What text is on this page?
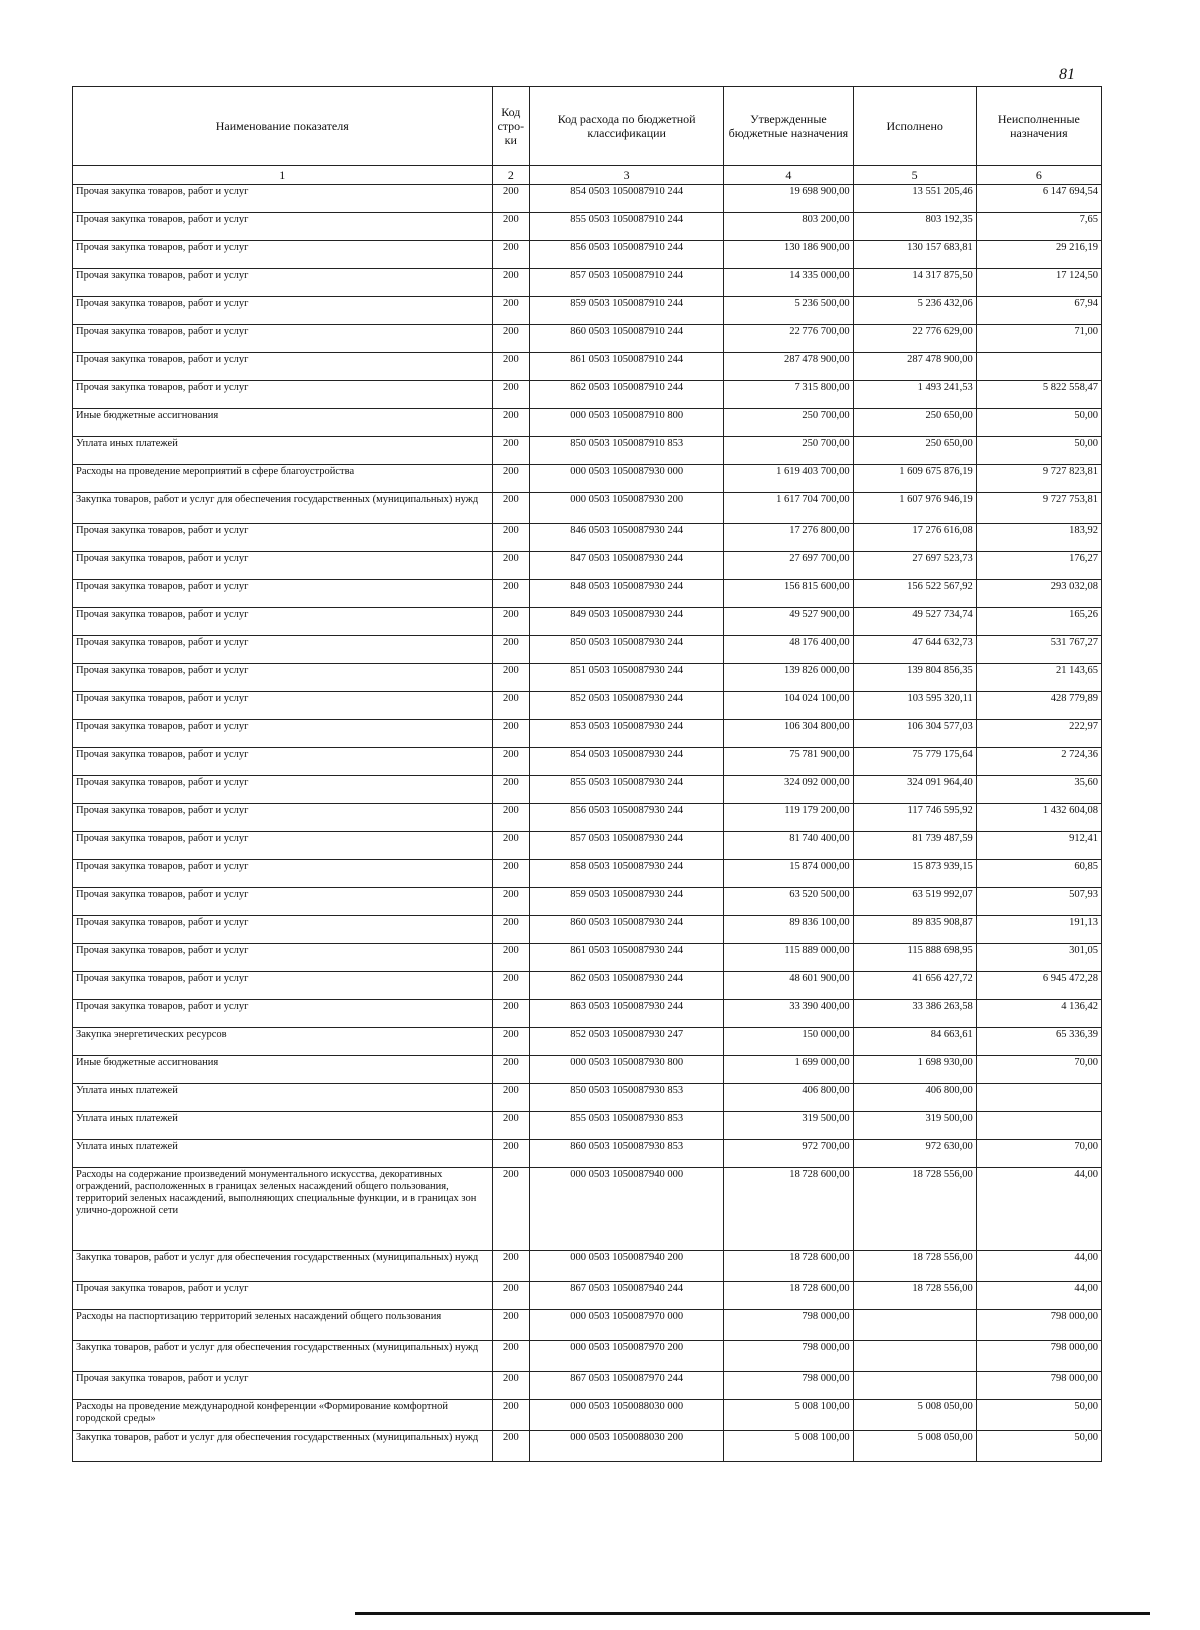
81
Наименование показателя	Код стро-ки	Код расхода по бюджетной классификации	Утвержденные бюджетные назначения	Исполнено	Неисполненные назначения
1	2	3	4	5	6
Прочая закупка товаров, работ и услуг	200	854 0503 1050087910 244	19 698 900,00	13 551 205,46	6 147 694,54
Прочая закупка товаров, работ и услуг	200	855 0503 1050087910 244	803 200,00	803 192,35	7,65
Прочая закупка товаров, работ и услуг	200	856 0503 1050087910 244	130 186 900,00	130 157 683,81	29 216,19
Прочая закупка товаров, работ и услуг	200	857 0503 1050087910 244	14 335 000,00	14 317 875,50	17 124,50
Прочая закупка товаров, работ и услуг	200	859 0503 1050087910 244	5 236 500,00	5 236 432,06	67,94
Прочая закупка товаров, работ и услуг	200	860 0503 1050087910 244	22 776 700,00	22 776 629,00	71,00
Прочая закупка товаров, работ и услуг	200	861 0503 1050087910 244	287 478 900,00	287 478 900,00	
Прочая закупка товаров, работ и услуг	200	862 0503 1050087910 244	7 315 800,00	1 493 241,53	5 822 558,47
Иные бюджетные ассигнования	200	000 0503 1050087910 800	250 700,00	250 650,00	50,00
Уплата иных платежей	200	850 0503 1050087910 853	250 700,00	250 650,00	50,00
Расходы на проведение мероприятий в сфере благоустройства	200	000 0503 1050087930 000	1 619 403 700,00	1 609 675 876,19	9 727 823,81
Закупка товаров, работ и услуг для обеспечения государственных (муниципальных) нужд	200	000 0503 1050087930 200	1 617 704 700,00	1 607 976 946,19	9 727 753,81
Прочая закупка товаров, работ и услуг	200	846 0503 1050087930 244	17 276 800,00	17 276 616,08	183,92
Прочая закупка товаров, работ и услуг	200	847 0503 1050087930 244	27 697 700,00	27 697 523,73	176,27
Прочая закупка товаров, работ и услуг	200	848 0503 1050087930 244	156 815 600,00	156 522 567,92	293 032,08
Прочая закупка товаров, работ и услуг	200	849 0503 1050087930 244	49 527 900,00	49 527 734,74	165,26
Прочая закупка товаров, работ и услуг	200	850 0503 1050087930 244	48 176 400,00	47 644 632,73	531 767,27
Прочая закупка товаров, работ и услуг	200	851 0503 1050087930 244	139 826 000,00	139 804 856,35	21 143,65
Прочая закупка товаров, работ и услуг	200	852 0503 1050087930 244	104 024 100,00	103 595 320,11	428 779,89
Прочая закупка товаров, работ и услуг	200	853 0503 1050087930 244	106 304 800,00	106 304 577,03	222,97
Прочая закупка товаров, работ и услуг	200	854 0503 1050087930 244	75 781 900,00	75 779 175,64	2 724,36
Прочая закупка товаров, работ и услуг	200	855 0503 1050087930 244	324 092 000,00	324 091 964,40	35,60
Прочая закупка товаров, работ и услуг	200	856 0503 1050087930 244	119 179 200,00	117 746 595,92	1 432 604,08
Прочая закупка товаров, работ и услуг	200	857 0503 1050087930 244	81 740 400,00	81 739 487,59	912,41
Прочая закупка товаров, работ и услуг	200	858 0503 1050087930 244	15 874 000,00	15 873 939,15	60,85
Прочая закупка товаров, работ и услуг	200	859 0503 1050087930 244	63 520 500,00	63 519 992,07	507,93
Прочая закупка товаров, работ и услуг	200	860 0503 1050087930 244	89 836 100,00	89 835 908,87	191,13
Прочая закупка товаров, работ и услуг	200	861 0503 1050087930 244	115 889 000,00	115 888 698,95	301,05
Прочая закупка товаров, работ и услуг	200	862 0503 1050087930 244	48 601 900,00	41 656 427,72	6 945 472,28
Прочая закупка товаров, работ и услуг	200	863 0503 1050087930 244	33 390 400,00	33 386 263,58	4 136,42
Закупка энергетических ресурсов	200	852 0503 1050087930 247	150 000,00	84 663,61	65 336,39
Иные бюджетные ассигнования	200	000 0503 1050087930 800	1 699 000,00	1 698 930,00	70,00
Уплата иных платежей	200	850 0503 1050087930 853	406 800,00	406 800,00	
Уплата иных платежей	200	855 0503 1050087930 853	319 500,00	319 500,00	
Уплата иных платежей	200	860 0503 1050087930 853	972 700,00	972 630,00	70,00
Расходы на содержание произведений монументального искусства, декоративных ограждений, расположенных в границах зеленых насаждений общего пользования, территорий зеленых насаждений, выполняющих специальные функции, и в границах зон улично-дорожной сети	200	000 0503 1050087940 000	18 728 600,00	18 728 556,00	44,00
Закупка товаров, работ и услуг для обеспечения государственных (муниципальных) нужд	200	000 0503 1050087940 200	18 728 600,00	18 728 556,00	44,00
Прочая закупка товаров, работ и услуг	200	867 0503 1050087940 244	18 728 600,00	18 728 556,00	44,00
Расходы на паспортизацию территорий зеленых насаждений общего пользования	200	000 0503 1050087970 000	798 000,00		798 000,00
Закупка товаров, работ и услуг для обеспечения государственных (муниципальных) нужд	200	000 0503 1050087970 200	798 000,00		798 000,00
Прочая закупка товаров, работ и услуг	200	867 0503 1050087970 244	798 000,00		798 000,00
Расходы на проведение международной конференции «Формирование комфортной городской среды»	200	000 0503 1050088030 000	5 008 100,00	5 008 050,00	50,00
Закупка товаров, работ и услуг для обеспечения государственных (муниципальных) нужд	200	000 0503 1050088030 200	5 008 100,00	5 008 050,00	50,00
